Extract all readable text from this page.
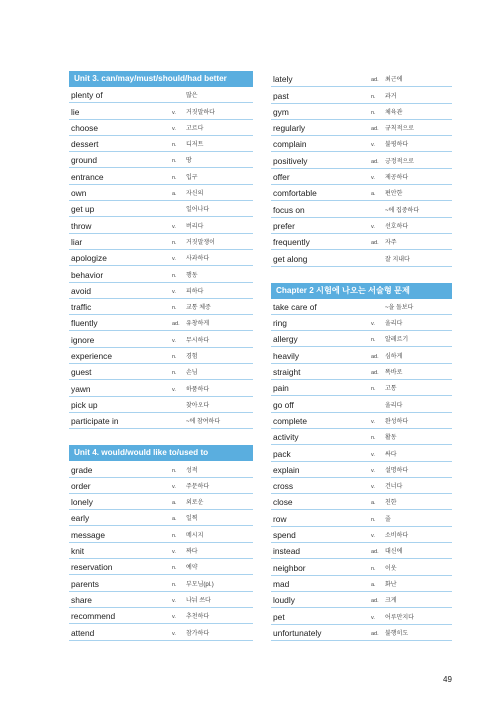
Unit 3. can/may/must/should/had better
plenty of	많은
lie	v. 거짓말하다
choose	v. 고르다
dessert	n. 디저트
ground	n. 땅
entrance	n. 입구
own	a. 자신의
get up	일어나다
throw	v. 버리다
liar	n. 거짓말쟁이
apologize	v. 사과하다
behavior	n. 행동
avoid	v. 피하다
traffic	n. 교통 체증
fluently	ad. 유창하게
ignore	v. 무시하다
experience	n. 경험
guest	n. 손님
yawn	v. 하품하다
pick up	찾아오다
participate in	~에 참여하다
Unit 4. would/would like to/used to
grade	n. 성적
order	v. 주문하다
lonely	a. 외로운
early	a. 일찍
message	n. 메시지
knit	v. 짜다
reservation	n. 예약
parents	n. 부모님(pl.)
share	v. 나눠 쓰다
recommend	v. 추천하다
attend	v. 참가하다
lately	ad. 최근에
past	n. 과거
gym	n. 체육관
regularly	ad. 규칙적으로
complain	v. 불평하다
positively	ad. 긍정적으로
offer	v. 제공하다
comfortable	a. 편안한
focus on	~에 집중하다
prefer	v. 선호하다
frequently	ad. 자주
get along	잘 지내다
Chapter 2 시험에 나오는 서술형 문제
take care of	~을 돌보다
ring	v. 울리다
allergy	n. 알레르기
heavily	ad. 심하게
straight	ad. 똑바로
pain	n. 고통
go off	울리다
complete	v. 완성하다
activity	n. 활동
pack	v. 싸다
explain	v. 설명하다
cross	v. 건너다
close	a. 친한
row	n. 줄
spend	v. 소비하다
instead	ad. 대신에
neighbor	n. 이웃
mad	a. 화난
loudly	ad. 크게
pet	v. 어루만지다
unfortunately	ad. 불행히도
49
